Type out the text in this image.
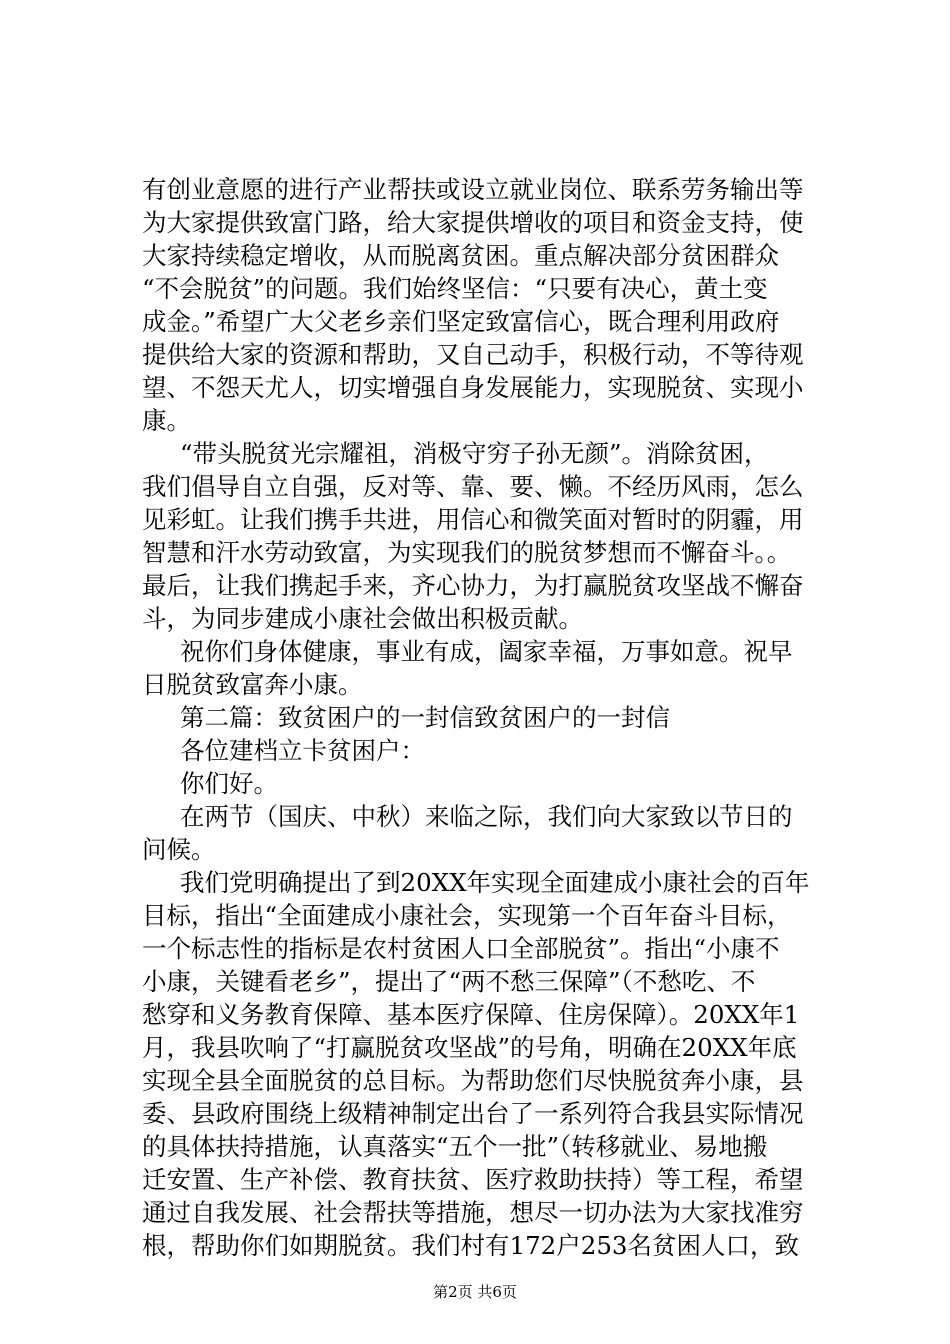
有创业意愿的进行产业帮扶或设立就业岗位、联系劳务输出等
为大家提供致富门路，给大家提供增收的项目和资金支持，使
大家持续稳定增收，从而脱离贫困。重点解决部分贫困群众
“不会脱贫”的问题。我们始终坚信：“只要有决心，黄土变
成金。”希望广大父老乡亲们坚定致富信心，既合理利用政府
提供给大家的资源和帮助，又自己动手，积极行动，不等待观
望、不怨天尤人，切实增强自身发展能力，实现脱贫、实现小
康。
“带头脱贫光宗耀祖，消极守穷子孙无颜”。消除贫困，
我们倡导自立自强，反对等、靠、要、懒。不经历风雨，怎么
见彩虹。让我们携手共进，用信心和微笑面对暂时的阴霾，用
智慧和汗水劳动致富，为实现我们的脱贫梦想而不懈奋斗。。
最后，让我们携起手来，齐心协力，为打赢脱贫攻坚战不懈奋
斗，为同步建成小康社会做出积极贡献。
祝你们身体健康，事业有成，阖家幸福，万事如意。祝早
日脱贫致富奔小康。
第二篇：致贫困户的一封信致贫困户的一封信
各位建档立卡贫困户：
你们好。
在两节（国庆、中秋）来临之际，我们向大家致以节日的
问候。
我们党明确提出了到20XX年实现全面建成小康社会的百年
目标，指出“全面建成小康社会，实现第一个百年奋斗目标，
一个标志性的指标是农村贫困人口全部脱贫”。指出“小康不
小康，关键看老乡”，提出了“两不愁三保障”（不愁吃、不
愁穿和义务教育保障、基本医疗保障、住房保障）。20XX年1
月，我县吹响了“打赢脱贫攻坚战”的号角，明确在20XX年底
实现全县全面脱贫的总目标。为帮助您们尽快脱贫奔小康，县
委、县政府围绕上级精神制定出台了一系列符合我县实际情况
的具体扶持措施，认真落实“五个一批”（转移就业、易地搬
迁安置、生产补偿、教育扶贫、医疗救助扶持）等工程，希望
通过自我发展、社会帮扶等措施，想尽一切办法为大家找准穷
根，帮助你们如期脱贫。我们村有172户253名贫困人口，致
第2页 共6页
